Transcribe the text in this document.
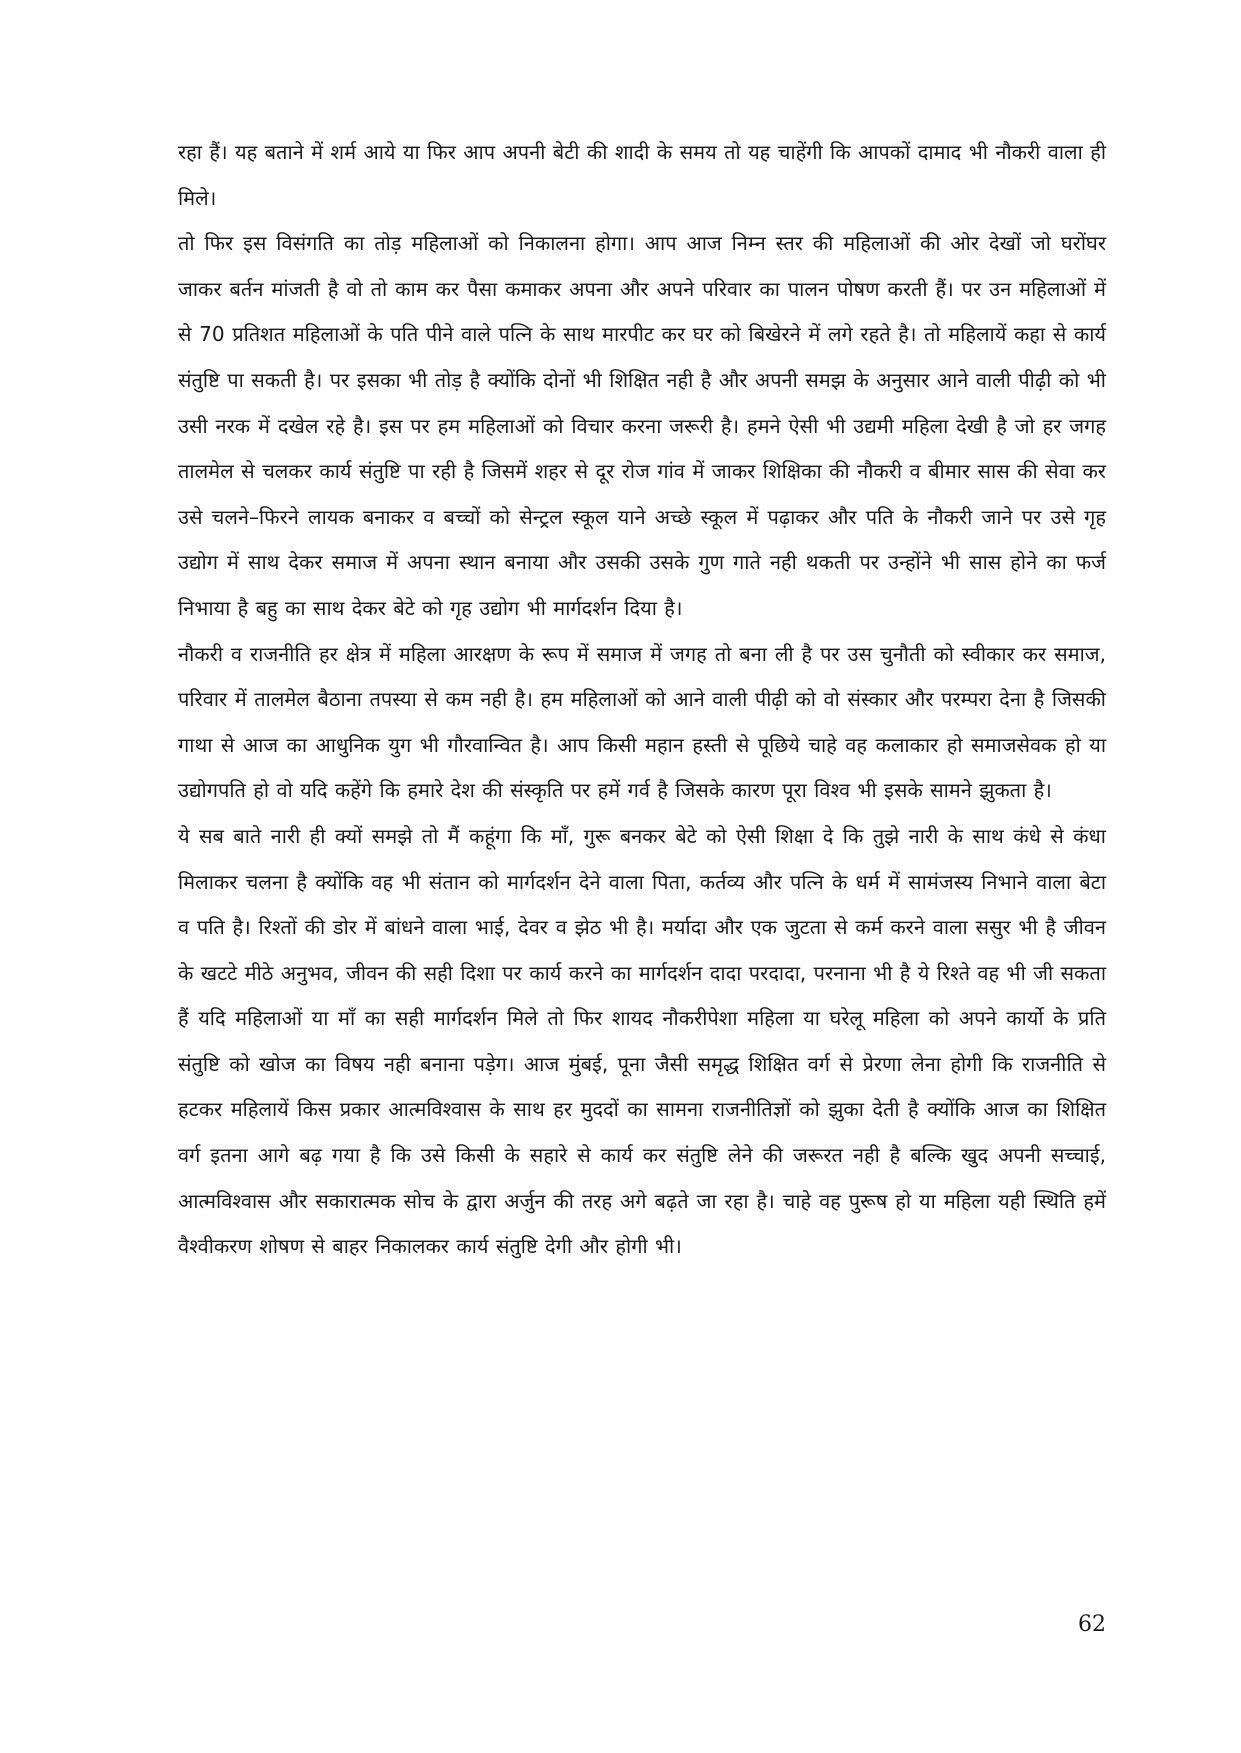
रहा हैं। यह बताने में शर्म आये या फिर आप अपनी बेटी की शादी के समय तो यह चाहेंगी कि आपकों दामाद भी नौकरी वाला ही मिले।

तो फिर इस विसंगति का तोड़ महिलाओं को निकालना होगा। आप आज निम्न स्तर की महिलाओं की ओर देखों जो घरोंघर जाकर बर्तन मांजती है वो तो काम कर पैसा कमाकर अपना और अपने परिवार का पालन पोषण करती हैं। पर उन महिलाओं में से 70 प्रतिशत महिलाओं के पति पीने वाले पत्नि के साथ मारपीट कर घर को बिखेरने में लगे रहते है। तो महिलायें कहा से कार्य संतुष्टि पा सकती है। पर इसका भी तोड़ है क्योंकि दोनों भी शिक्षित नही है और अपनी समझ के अनुसार आने वाली पीढ़ी को भी उसी नरक में दखेल रहे है। इस पर हम महिलाओं को विचार करना जरूरी है। हमने ऐसी भी उद्यमी महिला देखी है जो हर जगह तालमेल से चलकर कार्य संतुष्टि पा रही है जिसमें शहर से दूर रोज गांव में जाकर शिक्षिका की नौकरी व बीमार सास की सेवा कर उसे चलने–फिरने लायक बनाकर व बच्चों को सेन्ट्रल स्कूल याने अच्छे स्कूल में पढ़ाकर और पति के नौकरी जाने पर उसे गृह उद्योग में साथ देकर समाज में अपना स्थान बनाया और उसकी उसके गुण गाते नही थकती पर उन्होंने भी सास होने का फर्ज निभाया है बहु का साथ देकर बेटे को गृह उद्योग भी मार्गदर्शन दिया है।

नौकरी व राजनीति हर क्षेत्र में महिला आरक्षण के रूप में समाज में जगह तो बना ली है पर उस चुनौती को स्वीकार कर समाज, परिवार में तालमेल बैठाना तपस्या से कम नही है। हम महिलाओं को आने वाली पीढ़ी को वो संस्कार और परम्परा देना है जिसकी गाथा से आज का आधुनिक युग भी गौरवान्वित है। आप किसी महान हस्ती से पूछिये चाहे वह कलाकार हो समाजसेवक हो या उद्योगपति हो वो यदि कहेंगे कि हमारे देश की संस्कृति पर हमें गर्व है जिसके कारण पूरा विश्व भी इसके सामने झुकता है।

ये सब बाते नारी ही क्यों समझे तो मैं कहूंगा कि मॉं, गुरू बनकर बेटे को ऐसी शिक्षा दे कि तुझे नारी के साथ कंधे से कंधा मिलाकर चलना है क्योंकि वह भी संतान को मार्गदर्शन देने वाला पिता, कर्तव्य और पत्नि के धर्म में सामंजस्य निभाने वाला बेटा व पति है। रिश्तों की डोर में बांधने वाला भाई, देवर व झेठ भी है। मर्यादा और एक जुटता से कर्म करने वाला ससुर भी है जीवन के खटटे मीठे अनुभव, जीवन की सही दिशा पर कार्य करने का मार्गदर्शन दादा परदादा, परनाना भी है ये रिश्ते वह भी जी सकता हैं यदि महिलाओं या मॉं का सही मार्गदर्शन मिले तो फिर शायद नौकरीपेशा महिला या घरेलू महिला को अपने कार्यो के प्रति संतुष्टि को खोज का विषय नही बनाना पड़ेग। आज मुंबई, पूना जैसी समृद्ध शिक्षित वर्ग से प्रेरणा लेना होगी कि राजनीति से हटकर महिलायें किस प्रकार आत्मविश्वास के साथ हर मुददों का सामना राजनीतिज्ञों को झुका देती है क्योंकि आज का शिक्षित वर्ग इतना आगे बढ़ गया है कि उसे किसी के सहारे से कार्य कर संतुष्टि लेने की जरूरत नही है बल्कि खुद अपनी सच्चाई, आत्मविश्वास और सकारात्मक सोच के द्वारा अर्जुन की तरह अगे बढ़ते जा रहा है। चाहे वह पुरूष हो या महिला यही स्थिति हमें वैश्वीकरण शोषण से बाहर निकालकर कार्य संतुष्टि देगी और होगी भी।

62
